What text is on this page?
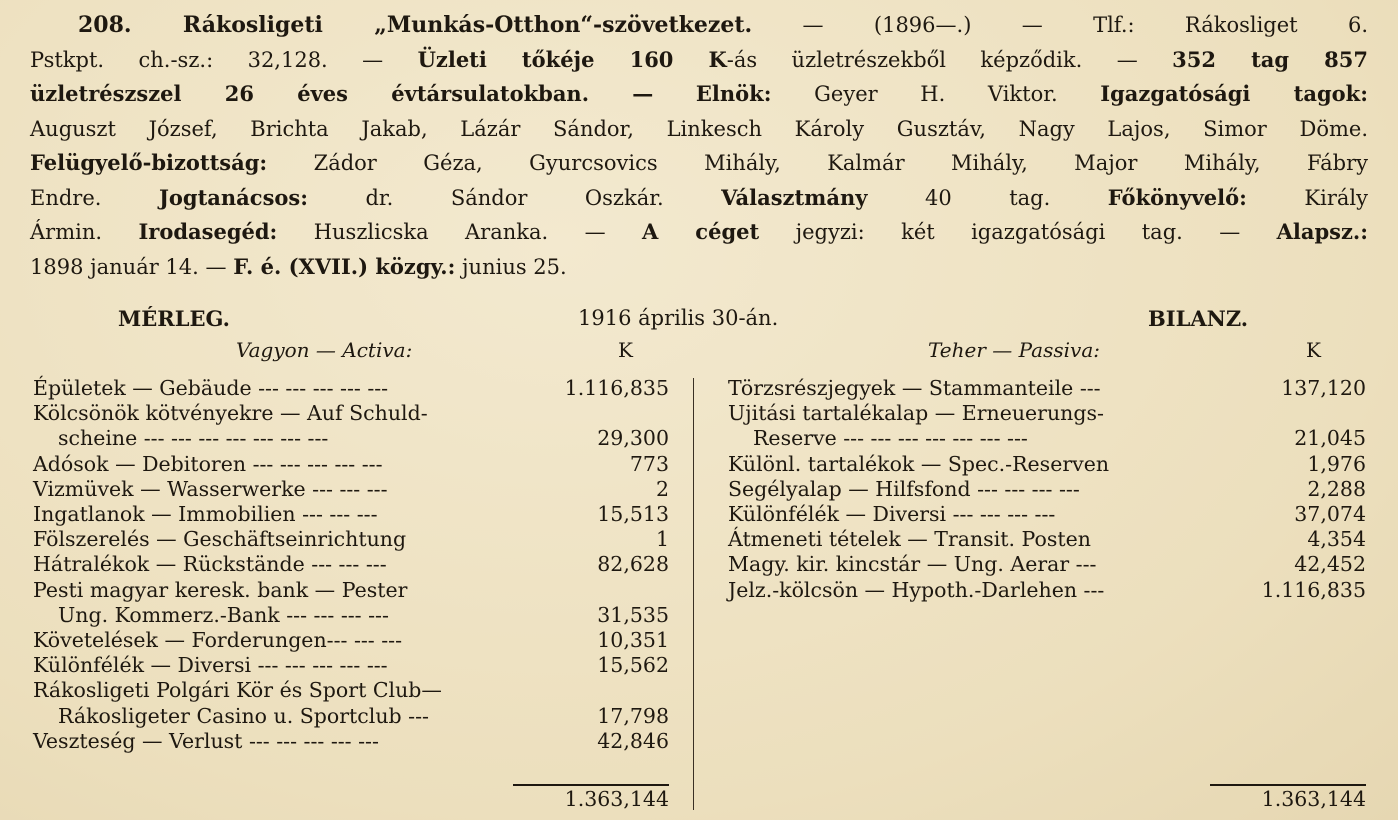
208. Rákosligeti „Munkás-Otthon“-szövetkezet. — (1896—.) — Tlf.: Rákosliget 6.
Pstkpt. ch.-sz.: 32,128. — Üzleti tőkéje 160 K-ás üzletrészekből képződik. — 352 tag 857
üzletrészszel 26 éves évtársulatokban. — Elnök: Geyer H. Viktor. Igazgatósági tagok:
Auguszt József, Brichta Jakab, Lázár Sándor, Linkesch Károly Gusztáv, Nagy Lajos, Simor Döme.
Felügyelő-bizottság: Zádor Géza, Gyurcsovics Mihály, Kalmár Mihály, Major Mihály, Fábry
Endre.	Jogtanácsos:	dr. Sándor Oszkár.	Választmány	40 tag.	Főkönyvelő:	Király
Ármin. Irodasegéd: Huszlicska Aranka. — A céget jegyzi: két igazgatósági tag. — Alapsz.:
1898 január 14. — F. é. (XVII.) közgy.: junius 25.
MÉRLEG.	1916 április 30-án.	BILANZ.
Vagyon — Activa:	K	Teher — Passiva:	K
Épületek — Gebäude --- --- --- --- ---	1.116,835
Kölcsönök kötvényekre — Auf Schuld-
scheine --- --- --- --- --- --- ---	29,300
Adósok — Debitoren --- --- --- --- ---	773
Vizmüvek — Wasserwerke --- --- ---	2
Ingatlanok — Immobilien --- --- ---	15,513
Fölszerelés — Geschäftseinrichtung	1
Hátralékok — Rückstände --- --- ---	82,628
Pesti magyar keresk. bank — Pester
Ung. Kommerz.-Bank --- --- --- ---	31,535
Követelések — Forderungen--- --- ---	10,351
Különfélék — Diversi --- --- --- --- ---	15,562
Rákosligeti Polgári Kör és Sport Club—
Rákosligeter Casino u. Sportclub ---	17,798
Veszteség — Verlust --- --- --- --- ---	42,846
Törzsrészjegyek — Stammanteile ---	137,120
Ujitási tartalékalap — Erneuerungs-
Reserve --- --- --- --- --- --- ---	21,045
Különl. tartalékok — Spec.-Reserven	1,976
Segélyalap — Hilfsfond --- --- --- ---	2,288
Különfélék — Diversi --- --- --- ---	37,074
Átmeneti tételek — Transit. Posten	4,354
Magy. kir. kincstár — Ung. Aerar ---	42,452
Jelz.-kölcsön — Hypoth.-Darlehen ---	1.116,835
1.363,144	1.363,144
